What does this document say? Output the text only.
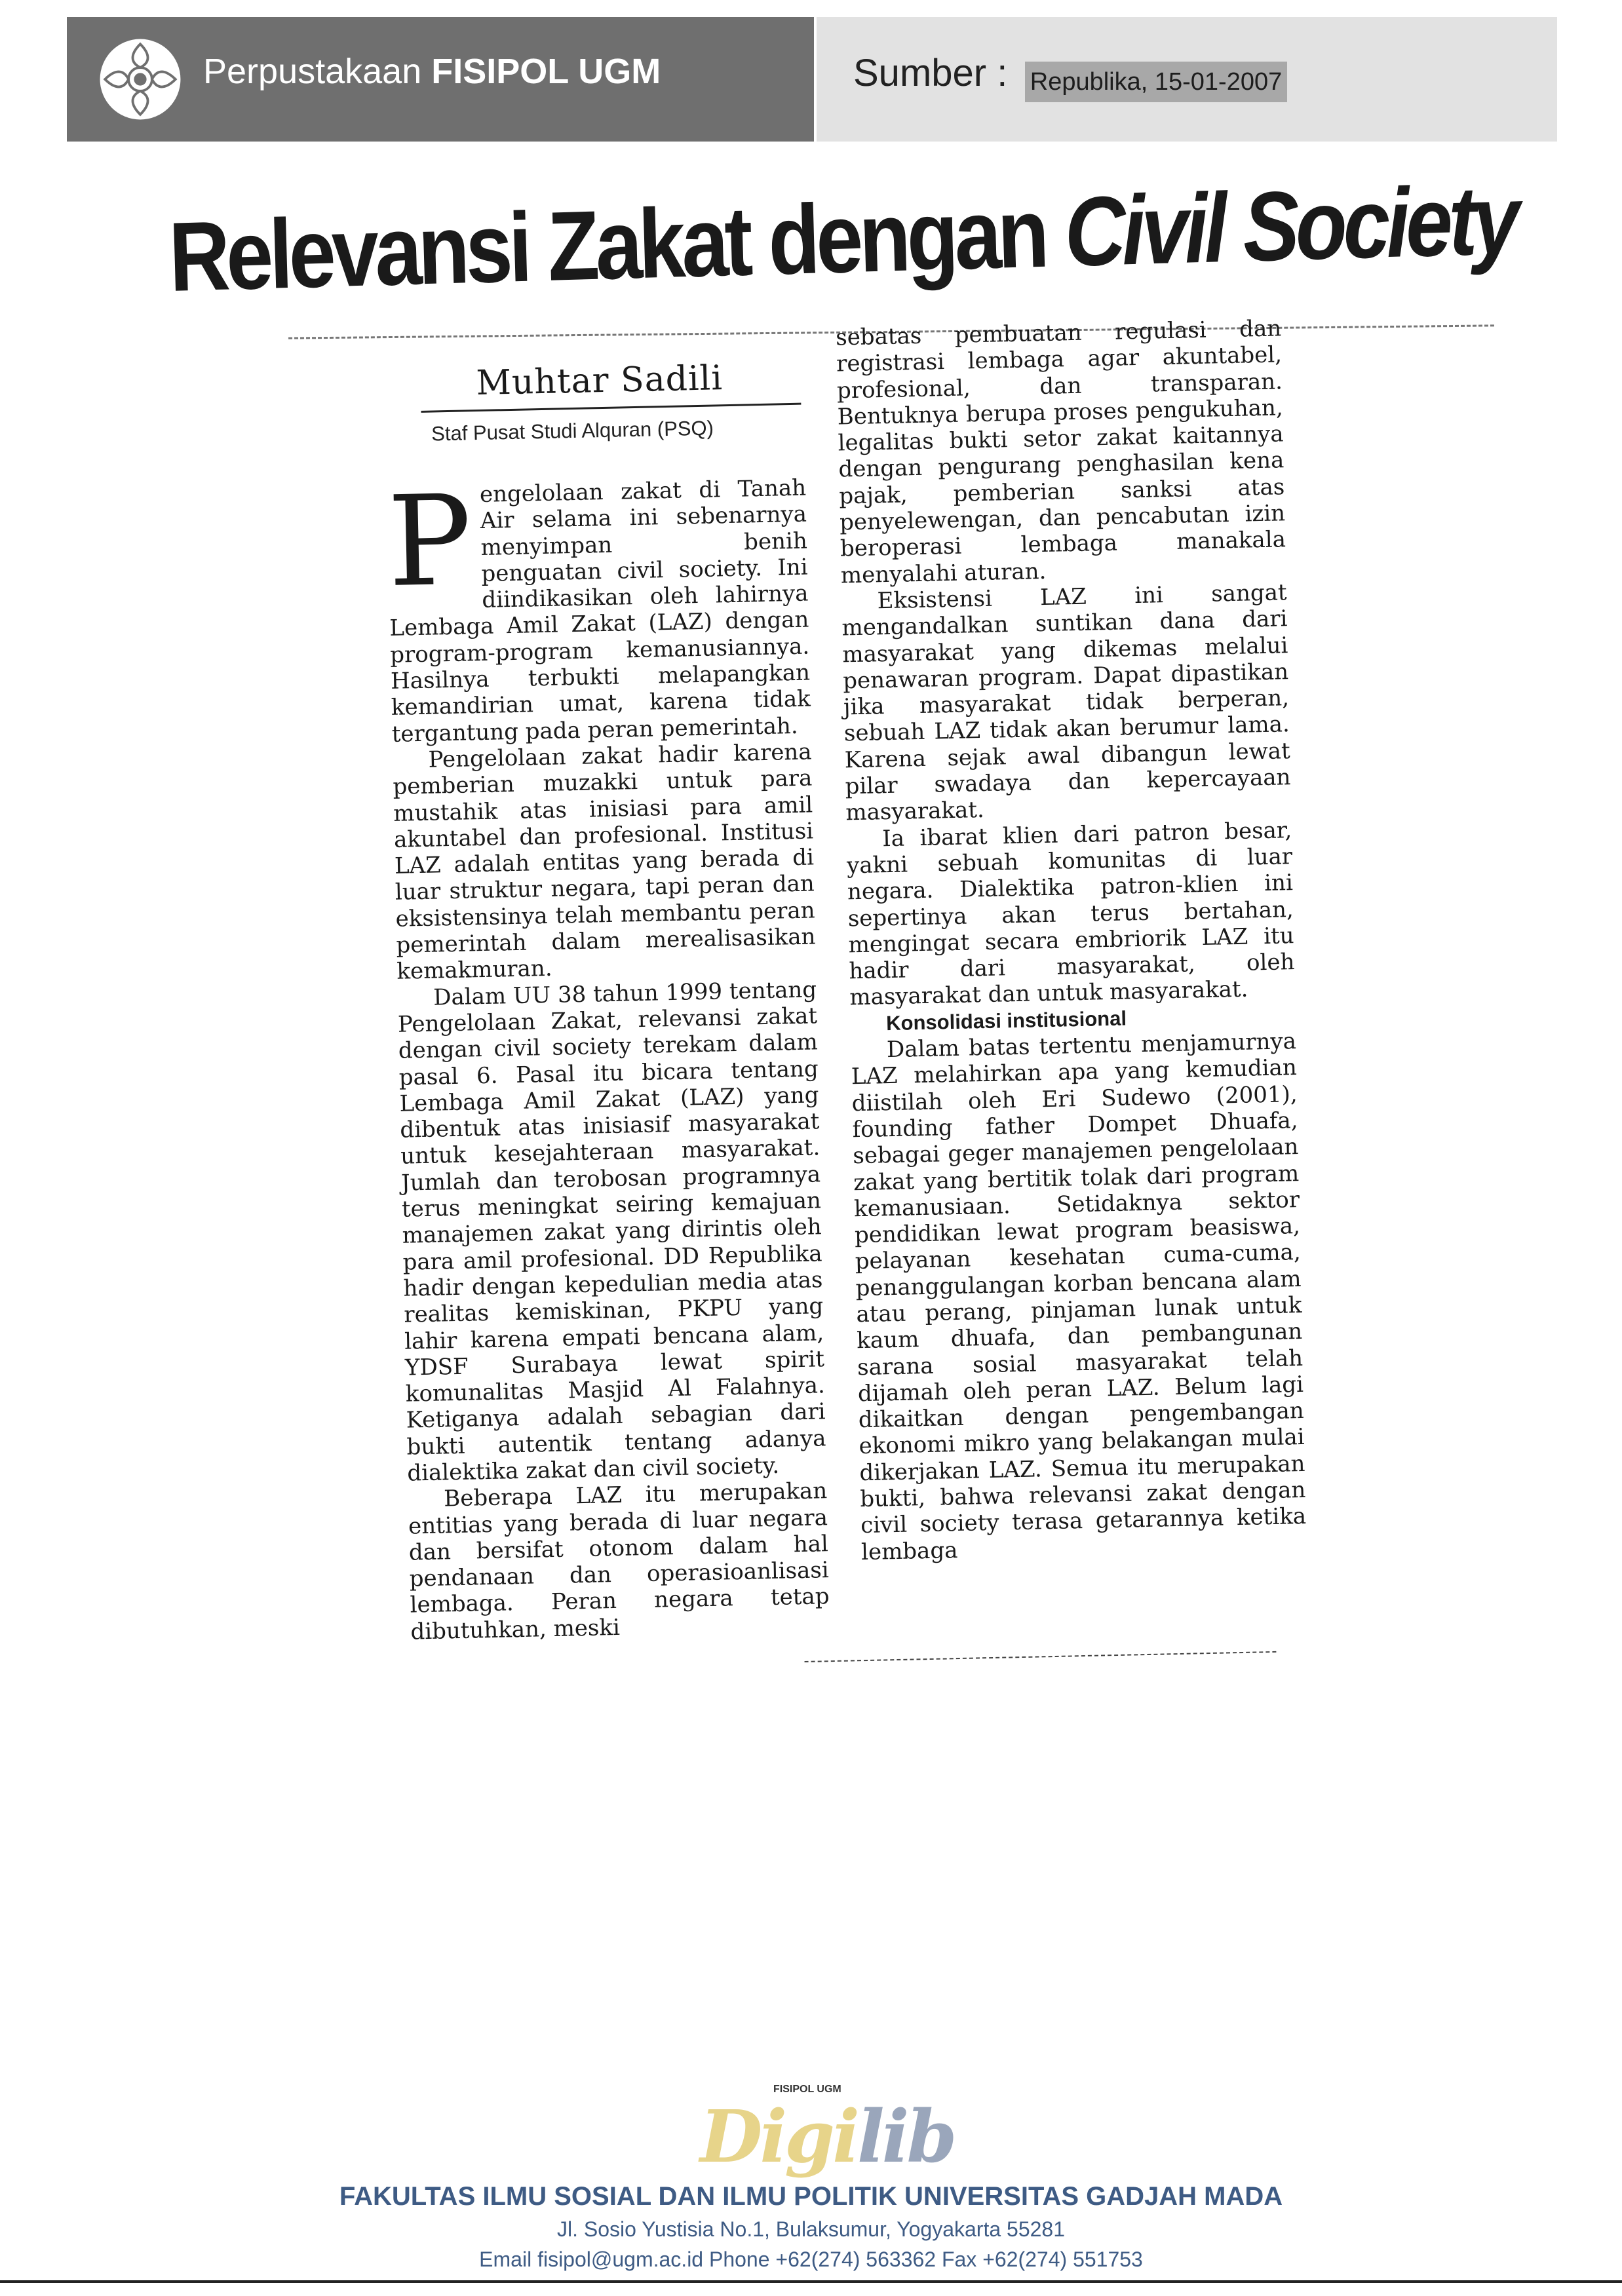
Perpustakaan FISIPOL UGM	Sumber : Republika, 15-01-2007
Relevansi Zakat dengan Civil Society
Muhtar Sadili
Staf Pusat Studi Alquran (PSQ)

Pengelolaan zakat di Tanah Air selama ini sebenarnya menyimpan benih penguatan civil society. Ini diindikasikan oleh lahirnya Lembaga Amil Zakat (LAZ) dengan program-program kemanusiannya. Hasilnya terbukti melapangkan kemandirian umat, karena tidak tergantung pada peran pemerintah.

Pengelolaan zakat hadir karena pemberian muzakki untuk para mustahik atas inisiasi para amil akuntabel dan profesional. Institusi LAZ adalah entitas yang berada di luar struktur negara, tapi peran dan eksistensinya telah membantu peran pemerintah dalam merealisasikan kemakmuran.

Dalam UU 38 tahun 1999 tentang Pengelolaan Zakat, relevansi zakat dengan civil society terekam dalam pasal 6. Pasal itu bicara tentang Lembaga Amil Zakat (LAZ) yang dibentuk atas inisiasif masyarakat untuk kesejahteraan masyarakat. Jumlah dan terobosan programnya terus meningkat seiring kemajuan manajemen zakat yang dirintis oleh para amil profesional. DD Republika hadir dengan kepedulian media atas realitas kemiskinan, PKPU yang lahir karena empati bencana alam, YDSF Surabaya lewat spirit komunalitas Masjid Al Falahnya. Ketiganya adalah sebagian dari bukti autentik tentang adanya dialektika zakat dan civil society.

Beberapa LAZ itu merupakan entitias yang berada di luar negara dan bersifat otonom dalam hal pendanaan dan operasioanlisasi lembaga. Peran negara tetap dibutuhkan, meski

sebatas pembuatan regulasi dan registrasi lembaga agar akuntabel, profesional, dan transparan. Bentuknya berupa proses pengukuhan, legalitas bukti setor zakat kaitannya dengan pengurang penghasilan kena pajak, pemberian sanksi atas penyelewengan, dan pencabutan izin beroperasi lembaga manakala menyalahi aturan.

Eksistensi LAZ ini sangat mengandalkan suntikan dana dari masyarakat yang dikemas melalui penawaran program. Dapat dipastikan jika masyarakat tidak berperan, sebuah LAZ tidak akan berumur lama. Karena sejak awal dibangun lewat pilar swadaya dan kepercayaan masyarakat.

Ia ibarat klien dari patron besar, yakni sebuah komunitas di luar negara. Dialektika patron-klien ini sepertinya akan terus bertahan, mengingat secara embriorik LAZ itu hadir dari masyarakat, oleh masyarakat dan untuk masyarakat.

Konsolidasi institusional

Dalam batas tertentu menjamurnya LAZ melahirkan apa yang kemudian diistilah oleh Eri Sudewo (2001), founding father Dompet Dhuafa, sebagai geger manajemen pengelolaan zakat yang bertitik tolak dari program kemanusiaan. Setidaknya sektor pendidikan lewat program beasiswa, pelayanan kesehatan cuma-cuma, penanggulangan korban bencana alam atau perang, pinjaman lunak untuk kaum dhuafa, dan pembangunan sarana sosial masyarakat telah dijamah oleh peran LAZ. Belum lagi dikaitkan dengan pengembangan ekonomi mikro yang belakangan mulai dikerjakan LAZ. Semua itu merupakan bukti, bahwa relevansi zakat dengan civil society terasa getarannya ketika lembaga

FISIPOL UGM
Digilib
FAKULTAS ILMU SOSIAL DAN ILMU POLITIK UNIVERSITAS GADJAH MADA
Jl. Sosio Yustisia No.1, Bulaksumur, Yogyakarta 55281
Email fisipol@ugm.ac.id Phone +62(274) 563362 Fax +62(274) 551753
